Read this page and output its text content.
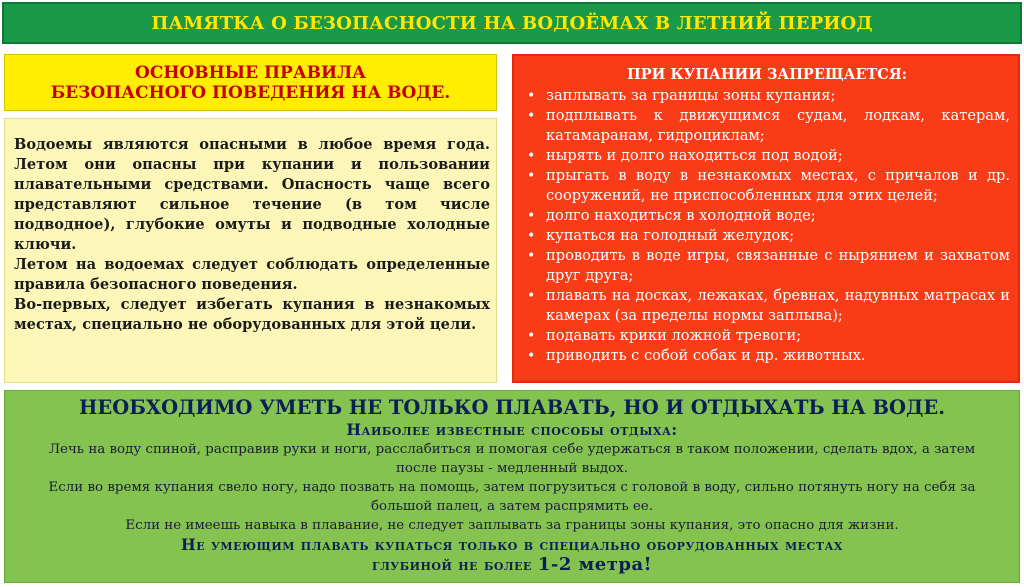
ПАМЯТКА О БЕЗОПАСНОСТИ НА ВОДОЁМАХ В ЛЕТНИЙ ПЕРИОД
ОСНОВНЫЕ ПРАВИЛА
БЕЗОПАСНОГО ПОВЕДЕНИЯ НА ВОДЕ.

Водоемы являются опасными в любое время года. Летом они опасны при купании и пользовании плавательными средствами. Опасность чаще всего представляют сильное течение (в том числе подводное), глубокие омуты и подводные холодные ключи.

Летом на водоемах следует соблюдать определенные правила безопасного поведения.

Во-первых, следует избегать купания в незнакомых местах, специально не оборудованных для этой цели.

ПРИ КУПАНИИ ЗАПРЕЩАЕТСЯ:
• заплывать за границы зоны купания;
• подплывать к движущимся судам, лодкам, катерам, катамаранам, гидроциклам;
• нырять и долго находиться под водой;
• прыгать в воду в незнакомых местах, с причалов и др. сооружений, не приспособленных для этих целей;
• долго находиться в холодной воде;
• купаться на голодный желудок;
• проводить в воде игры, связанные с нырянием и захватом друг друга;
• плавать на досках, лежаках, бревнах, надувных матрасах и камерах (за пределы нормы заплыва);
• подавать крики ложной тревоги;
• приводить с собой собак и др. животных.
НЕОБХОДИМО УМЕТЬ НЕ ТОЛЬКО ПЛАВАТЬ, НО И ОТДЫХАТЬ НА ВОДЕ.
Наиболее известные способы отдыха:

Лечь на воду спиной, расправив руки и ноги, расслабиться и помогая себе удержаться в таком положении, сделать вдох, а затем

после паузы - медленный выдох.

Если во время купания свело ногу, надо позвать на помощь, затем погрузиться с головой в воду, сильно потянуть ногу на себя за

большой палец, а затем распрямить ее.

Если не имеешь навыка в плавание, не следует заплывать за границы зоны купания, это опасно для жизни.

Не умеющим плавать купаться только в специально оборудованных местах
глубиной не более 1-2 метра!
